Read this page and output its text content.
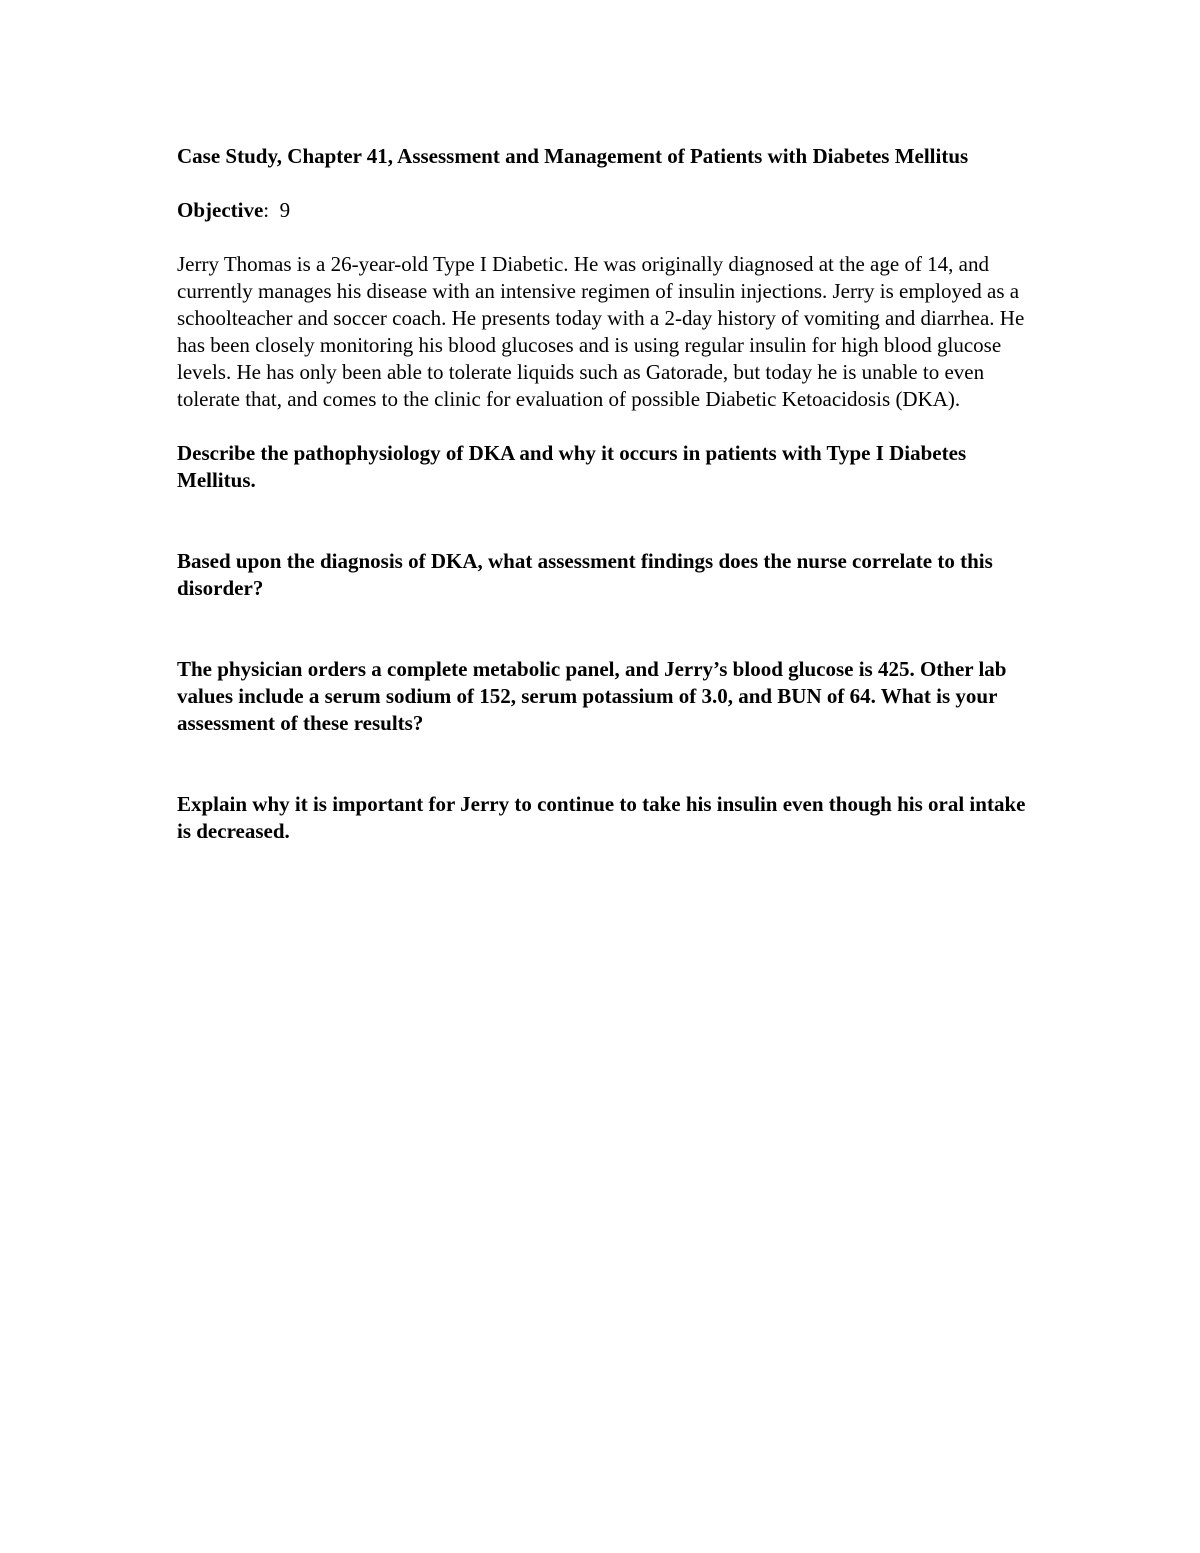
Case Study, Chapter 41, Assessment and Management of Patients with Diabetes Mellitus

Objective:  9

Jerry Thomas is a 26-year-old Type I Diabetic. He was originally diagnosed at the age of 14, and currently manages his disease with an intensive regimen of insulin injections. Jerry is employed as a schoolteacher and soccer coach. He presents today with a 2-day history of vomiting and diarrhea. He has been closely monitoring his blood glucoses and is using regular insulin for high blood glucose levels. He has only been able to tolerate liquids such as Gatorade, but today he is unable to even tolerate that, and comes to the clinic for evaluation of possible Diabetic Ketoacidosis (DKA).

Describe the pathophysiology of DKA and why it occurs in patients with Type I Diabetes Mellitus.

Based upon the diagnosis of DKA, what assessment findings does the nurse correlate to this disorder?

The physician orders a complete metabolic panel, and Jerry’s blood glucose is 425. Other lab values include a serum sodium of 152, serum potassium of 3.0, and BUN of 64. What is your assessment of these results?

Explain why it is important for Jerry to continue to take his insulin even though his oral intake is decreased.
